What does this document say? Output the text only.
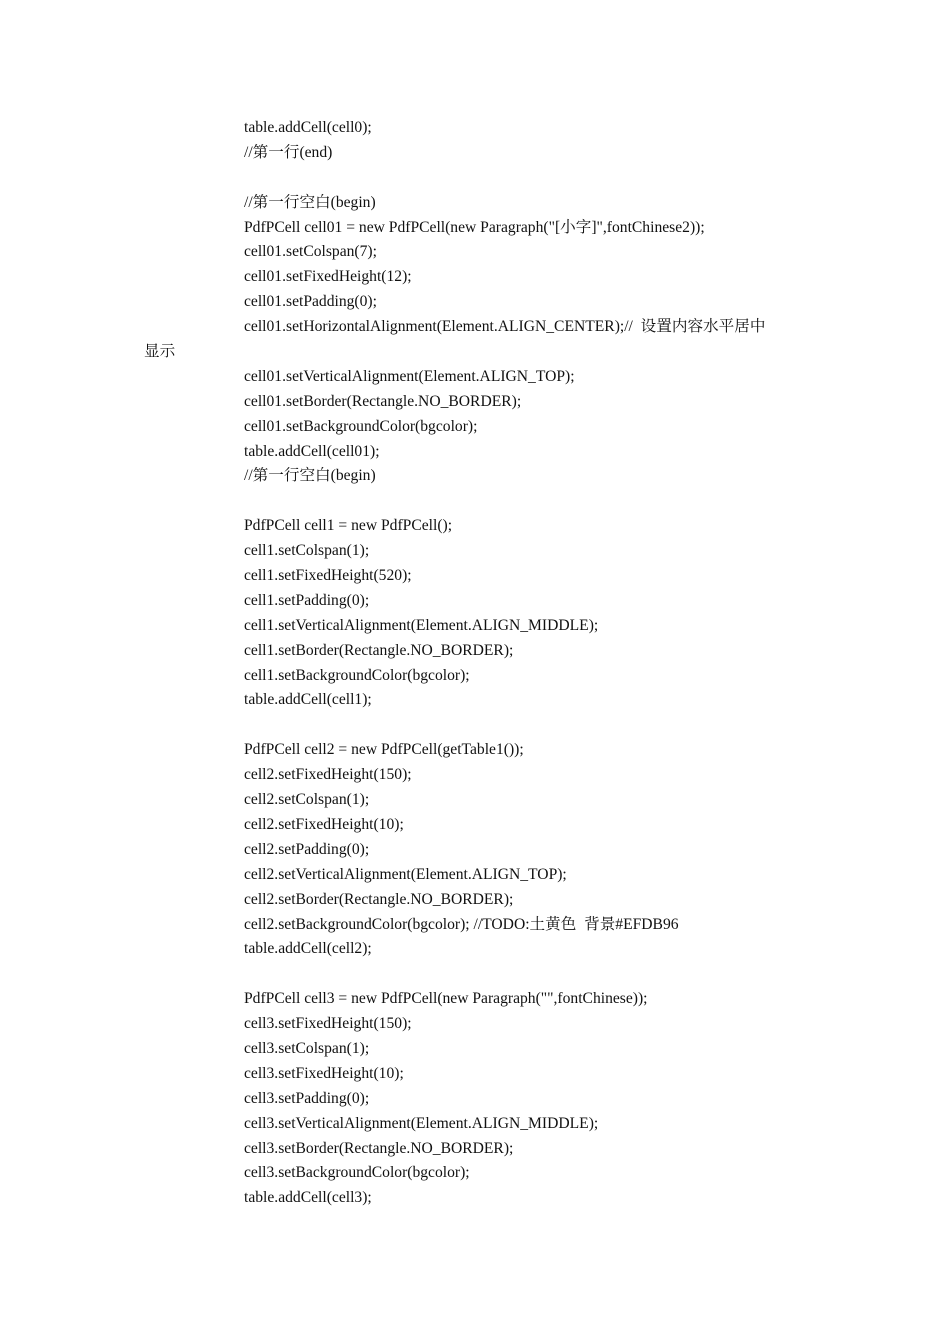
table.addCell(cell0);
//第一行(end)
//第一行空白(begin)
PdfPCell cell01 = new PdfPCell(new Paragraph("[小字]",fontChinese2));
cell01.setColspan(7);
cell01.setFixedHeight(12);
cell01.setPadding(0);
cell01.setHorizontalAlignment(Element.ALIGN_CENTER);//  设置内容水平居中
显示
cell01.setVerticalAlignment(Element.ALIGN_TOP);
cell01.setBorder(Rectangle.NO_BORDER);
cell01.setBackgroundColor(bgcolor);
table.addCell(cell01);
//第一行空白(begin)
PdfPCell cell1 = new PdfPCell();
cell1.setColspan(1);
cell1.setFixedHeight(520);
cell1.setPadding(0);
cell1.setVerticalAlignment(Element.ALIGN_MIDDLE);
cell1.setBorder(Rectangle.NO_BORDER);
cell1.setBackgroundColor(bgcolor);
table.addCell(cell1);
PdfPCell cell2 = new PdfPCell(getTable1());
cell2.setFixedHeight(150);
cell2.setColspan(1);
cell2.setFixedHeight(10);
cell2.setPadding(0);
cell2.setVerticalAlignment(Element.ALIGN_TOP);
cell2.setBorder(Rectangle.NO_BORDER);
cell2.setBackgroundColor(bgcolor); //TODO:土黄色  背景#EFDB96
table.addCell(cell2);
PdfPCell cell3 = new PdfPCell(new Paragraph("",fontChinese));
cell3.setFixedHeight(150);
cell3.setColspan(1);
cell3.setFixedHeight(10);
cell3.setPadding(0);
cell3.setVerticalAlignment(Element.ALIGN_MIDDLE);
cell3.setBorder(Rectangle.NO_BORDER);
cell3.setBackgroundColor(bgcolor);
table.addCell(cell3);
